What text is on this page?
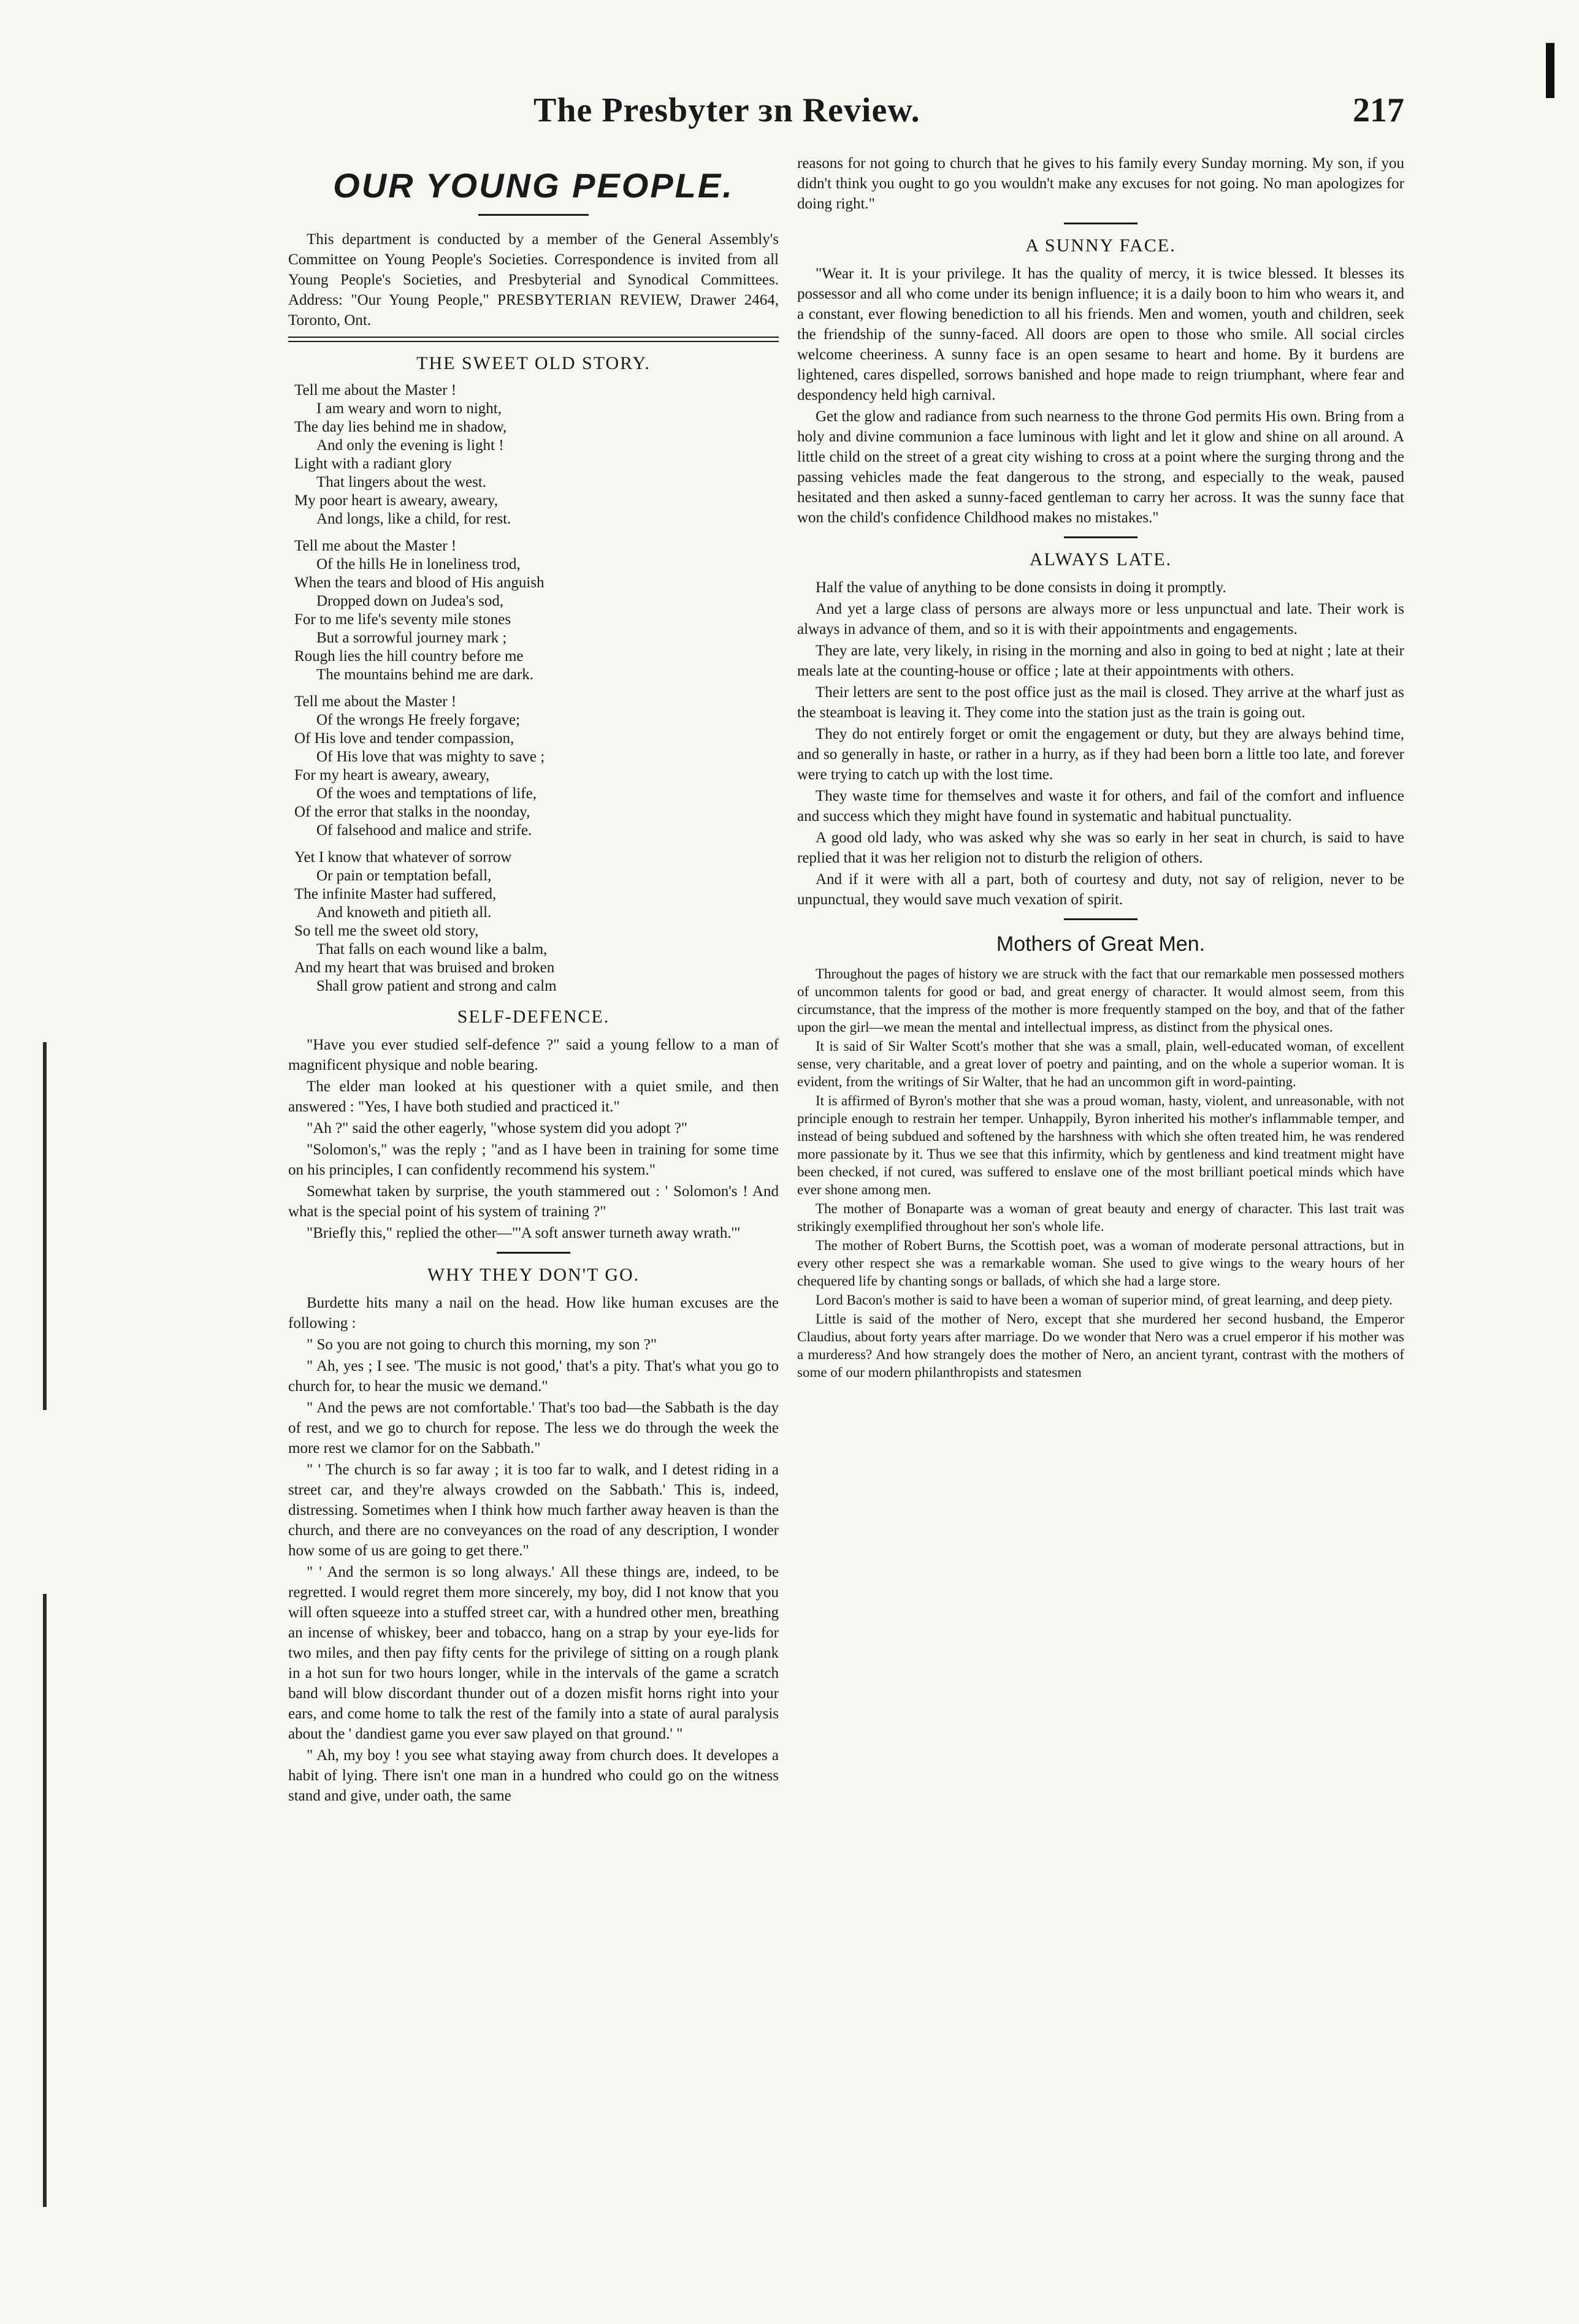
The Presbyter ɜn Review.	217
OUR YOUNG PEOPLE.

This department is conducted by a member of the General Assembly's Committee on Young People's Societies. Correspondence is invited from all Young People's Societies, and Presbyterial and Synodical Committees. Address: "Our Young People," PRESBYTERIAN REVIEW, Drawer 2464, Toronto, Ont.

THE SWEET OLD STORY.
Tell me about the Master !
I am weary and worn to night,
The day lies behind me in shadow,
And only the evening is light !
Light with a radiant glory
That lingers about the west.
My poor heart is aweary, aweary,
And longs, like a child, for rest.
Tell me about the Master !
Of the hills He in loneliness trod,
When the tears and blood of His anguish
Dropped down on Judea's sod,
For to me life's seventy mile stones
But a sorrowful journey mark ;
Rough lies the hill country before me
The mountains behind me are dark.
Tell me about the Master !
Of the wrongs He freely forgave;
Of His love and tender compassion,
Of His love that was mighty to save ;
For my heart is aweary, aweary,
Of the woes and temptations of life,
Of the error that stalks in the noonday,
Of falsehood and malice and strife.
Yet I know that whatever of sorrow
Or pain or temptation befall,
The infinite Master had suffered,
And knoweth and pitieth all.
So tell me the sweet old story,
That falls on each wound like a balm,
And my heart that was bruised and broken
Shall grow patient and strong and calm
SELF-DEFENCE.

"Have you ever studied self-defence ?" said a young fellow to a man of magnificent physique and noble bearing.

The elder man looked at his questioner with a quiet smile, and then answered : "Yes, I have both studied and practiced it."

"Ah ?" said the other eagerly, "whose system did you adopt ?"

"Solomon's," was the reply ; "and as I have been in training for some time on his principles, I can confidently recommend his system."

Somewhat taken by surprise, the youth stammered out : ' Solomon's ! And what is the special point of his system of training ?"

"Briefly this," replied the other—"'A soft answer turneth away wrath.'"

WHY THEY DON'T GO.

Burdette hits many a nail on the head. How like human excuses are the following :

" So you are not going to church this morning, my son ?"

" Ah, yes ; I see. 'The music is not good,' that's a pity. That's what you go to church for, to hear the music we demand."

" And the pews are not comfortable.' That's too bad—the Sabbath is the day of rest, and we go to church for repose. The less we do through the week the more rest we clamor for on the Sabbath."

" ' The church is so far away ; it is too far to walk, and I detest riding in a street car, and they're always crowded on the Sabbath.' This is, indeed, distressing. Sometimes when I think how much farther away heaven is than the church, and there are no conveyances on the road of any description, I wonder how some of us are going to get there."

" ' And the sermon is so long always.' All these things are, indeed, to be regretted. I would regret them more sincerely, my boy, did I not know that you will often squeeze into a stuffed street car, with a hundred other men, breathing an incense of whiskey, beer and tobacco, hang on a strap by your eye-lids for two miles, and then pay fifty cents for the privilege of sitting on a rough plank in a hot sun for two hours longer, while in the intervals of the game a scratch band will blow discordant thunder out of a dozen misfit horns right into your ears, and come home to talk the rest of the family into a state of aural paralysis about the ' dandiest game you ever saw played on that ground.' "

" Ah, my boy ! you see what staying away from church does. It developes a habit of lying. There isn't one man in a hundred who could go on the witness stand and give, under oath, the same

reasons for not going to church that he gives to his family every Sunday morning. My son, if you didn't think you ought to go you wouldn't make any excuses for not going. No man apologizes for doing right."

A SUNNY FACE.

"Wear it. It is your privilege. It has the quality of mercy, it is twice blessed. It blesses its possessor and all who come under its benign influence; it is a daily boon to him who wears it, and a constant, ever flowing benediction to all his friends. Men and women, youth and children, seek the friendship of the sunny-faced. All doors are open to those who smile. All social circles welcome cheeriness. A sunny face is an open sesame to heart and home. By it burdens are lightened, cares dispelled, sorrows banished and hope made to reign triumphant, where fear and despondency held high carnival.

Get the glow and radiance from such nearness to the throne God permits His own. Bring from a holy and divine communion a face luminous with light and let it glow and shine on all around. A little child on the street of a great city wishing to cross at a point where the surging throng and the passing vehicles made the feat dangerous to the strong, and especially to the weak, paused hesitated and then asked a sunny-faced gentleman to carry her across. It was the sunny face that won the child's confidence Childhood makes no mistakes."

ALWAYS LATE.

Half the value of anything to be done consists in doing it promptly.

And yet a large class of persons are always more or less unpunctual and late. Their work is always in advance of them, and so it is with their appointments and engagements.

They are late, very likely, in rising in the morning and also in going to bed at night ; late at their meals late at the counting-house or office ; late at their appointments with others.

Their letters are sent to the post office just as the mail is closed. They arrive at the wharf just as the steamboat is leaving it. They come into the station just as the train is going out.

They do not entirely forget or omit the engagement or duty, but they are always behind time, and so generally in haste, or rather in a hurry, as if they had been born a little too late, and forever were trying to catch up with the lost time.

They waste time for themselves and waste it for others, and fail of the comfort and influence and success which they might have found in systematic and habitual punctuality.

A good old lady, who was asked why she was so early in her seat in church, is said to have replied that it was her religion not to disturb the religion of others.

And if it were with all a part, both of courtesy and duty, not say of religion, never to be unpunctual, they would save much vexation of spirit.

Mothers of Great Men.

Throughout the pages of history we are struck with the fact that our remarkable men possessed mothers of uncommon talents for good or bad, and great energy of character. It would almost seem, from this circumstance, that the impress of the mother is more frequently stamped on the boy, and that of the father upon the girl—we mean the mental and intellectual impress, as distinct from the physical ones.

It is said of Sir Walter Scott's mother that she was a small, plain, well-educated woman, of excellent sense, very charitable, and a great lover of poetry and painting, and on the whole a superior woman. It is evident, from the writings of Sir Walter, that he had an uncommon gift in word-painting.

It is affirmed of Byron's mother that she was a proud woman, hasty, violent, and unreasonable, with not principle enough to restrain her temper. Unhappily, Byron inherited his mother's inflammable temper, and instead of being subdued and softened by the harshness with which she often treated him, he was rendered more passionate by it. Thus we see that this infirmity, which by gentleness and kind treatment might have been checked, if not cured, was suffered to enslave one of the most brilliant poetical minds which have ever shone among men.

The mother of Bonaparte was a woman of great beauty and energy of character. This last trait was strikingly exemplified throughout her son's whole life.

The mother of Robert Burns, the Scottish poet, was a woman of moderate personal attractions, but in every other respect she was a remarkable woman. She used to give wings to the weary hours of her chequered life by chanting songs or ballads, of which she had a large store.

Lord Bacon's mother is said to have been a woman of superior mind, of great learning, and deep piety.

Little is said of the mother of Nero, except that she murdered her second husband, the Emperor Claudius, about forty years after marriage. Do we wonder that Nero was a cruel emperor if his mother was a murderess? And how strangely does the mother of Nero, an ancient tyrant, contrast with the mothers of some of our modern philanthropists and statesmen
